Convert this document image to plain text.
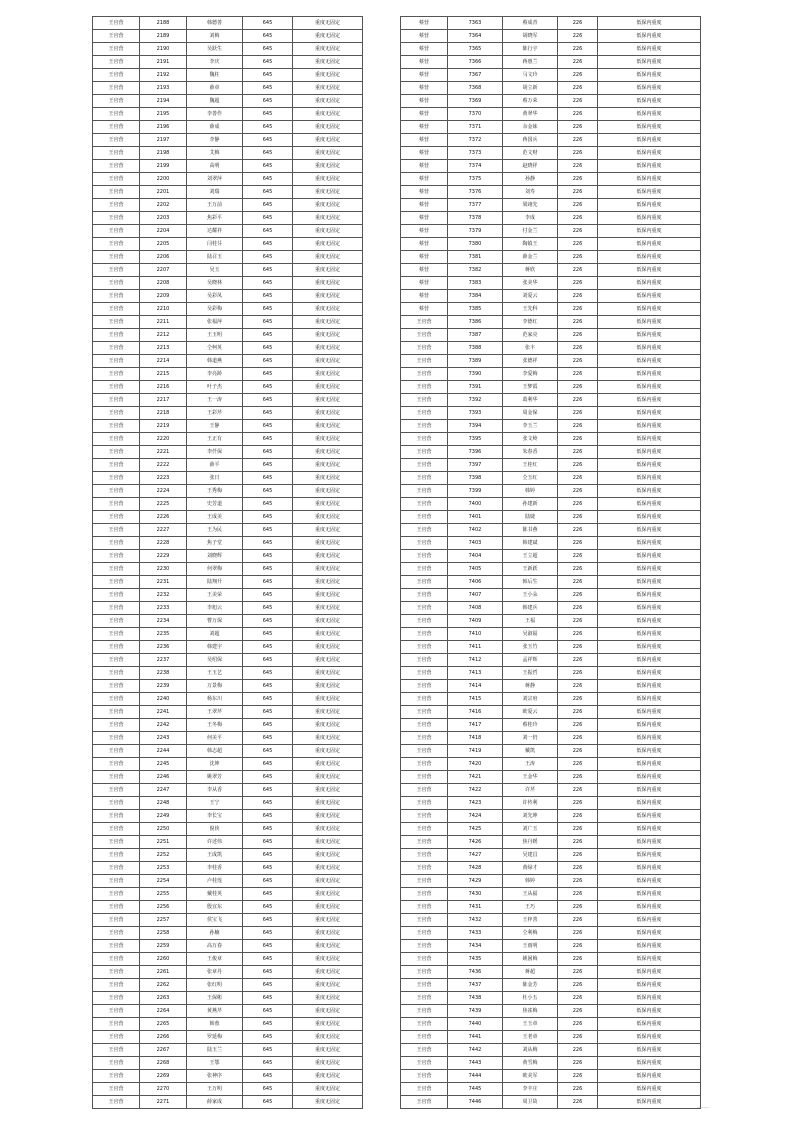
王官营	2188	韩德善	645	重度无固定
王官营	2189	刘梅	645	重度无固定
王官营	2190	吴跃生	645	重度无固定
王官营	2191	李庆	645	重度无固定
王官营	2192	魏柱	645	重度无固定
王官营	2193	薛章	645	重度无固定
王官营	2194	魏超	645	重度无固定
王官营	2195	李善作	645	重度无固定
王官营	2196	薛成	645	重度无固定
王官营	2197	李静	645	重度无固定
王官营	2198	艾梅	645	重度无固定
王官营	2199	高明	645	重度无固定
王官营	2200	刘翠萍	645	重度无固定
王官营	2201	刘瑞	645	重度无固定
王官营	2202	王万前	645	重度无固定
王官营	2203	焦彩平	645	重度无固定
王官营	2204	达耀祥	645	重度无固定
王官营	2205	闫桂芬	645	重度无固定
王官营	2206	陆召玉	645	重度无固定
王官营	2207	吴玉	645	重度无固定
王官营	2208	吴晓林	645	重度无固定
王官营	2209	吴彩凤	645	重度无固定
王官营	2210	吴彩梅	645	重度无固定
王官营	2211	张福萍	645	重度无固定
王官营	2212	王玉明	645	重度无固定
王官营	2213	仝柯英	645	重度无固定
王官营	2214	韩道燕	645	重度无固定
王官营	2215	李亮龄	645	重度无固定
王官营	2216	叶子杰	645	重度无固定
王官营	2217	王一涛	645	重度无固定
王官营	2218	王彩芹	645	重度无固定
王官营	2219	王静	645	重度无固定
王官营	2220	王正有	645	重度无固定
王官营	2221	李仟保	645	重度无固定
王官营	2222	薛平	645	重度无固定
王官营	2223	张日	645	重度无固定
王官营	2224	王秀梅	645	重度无固定
王官营	2225	史芳道	645	重度无固定
王官营	2226	王成美	645	重度无固定
王官营	2227	王为民	645	重度无固定
王官营	2228	焦子堂	645	重度无固定
王官营	2229	刘晓辉	645	重度无固定
王官营	2230	何翠梅	645	重度无固定
王官营	2231	陆翔升	645	重度无固定
王官营	2232	王美荣	645	重度无固定
王官营	2233	李旭云	645	重度无固定
王官营	2234	曹万保	645	重度无固定
王官营	2235	刘超	645	重度无固定
王官营	2236	韩建宇	645	重度无固定
王官营	2237	吴绍保	645	重度无固定
王官营	2238	王玉艺	645	重度无固定
王官营	2239	万景梅	645	重度无固定
王官营	2240	杨东川	645	重度无固定
王官营	2241	王翠芹	645	重度无固定
王官营	2242	王冬梅	645	重度无固定
王官营	2243	何美平	645	重度无固定
王官营	2244	韩志超	645	重度无固定
王官营	2245	沈坤	645	重度无固定
王官营	2246	姚翠芳	645	重度无固定
王官营	2247	李从香	645	重度无固定
王官营	2248	王宁	645	重度无固定
王官营	2249	李长宝	645	重度无固定
王官营	2250	倪侠	645	重度无固定
王官营	2251	许述伟	645	重度无固定
王官营	2252	王成凯	645	重度无固定
王官营	2253	李桂香	645	重度无固定
王官营	2254	卢桂莲	645	重度无固定
王官营	2255	戴桂英	645	重度无固定
王官营	2256	殷宜东	645	重度无固定
王官营	2257	侯宝飞	645	重度无固定
王官营	2258	孙楠	645	重度无固定
王官营	2259	高万春	645	重度无固定
王官营	2260	王俊章	645	重度无固定
王官营	2261	张章丹	645	重度无固定
王官营	2262	张红明	645	重度无固定
王官营	2263	王保彬	645	重度无固定
王官营	2264	黄燕芹	645	重度无固定
王官营	2265	韩蓉	645	重度无固定
王官营	2266	罗延梅	645	重度无固定
王官营	2267	陆玉兰	645	重度无固定
王官营	2268	王鄂	645	重度无固定
王官营	2269	张神序	645	重度无固定
王官营	2270	王万明	645	重度无固定
王官营	2271	薛家成	645	重度无固定
蔡营	7363	蔡成青	226	低保内重度
蔡营	7364	胡晓军	226	低保内重度
蔡营	7365	陈行宇	226	低保内重度
蔡营	7366	蒋惠兰	226	低保内重度
蔡营	7367	马文玲	226	低保内重度
蔡营	7368	胡立新	226	低保内重度
蔡营	7369	蔡万荣	226	低保内重度
蔡营	7370	黄翠华	226	低保内重度
蔡营	7371	余金妹	226	低保内重度
蔡营	7372	蒋国兵	226	低保内重度
蔡营	7373	范文财	226	低保内重度
蔡营	7374	赵晓祥	226	低保内重度
蔡营	7375	孙静	226	低保内重度
蔡营	7376	刘寿	226	低保内重度
蔡营	7377	梁翊先	226	低保内重度
蔡营	7378	李成	226	低保内重度
蔡营	7379	付金兰	226	低保内重度
蔡营	7380	陶镇王	226	低保内重度
蔡营	7381	薛金兰	226	低保内重度
蔡营	7382	蒋欣	226	低保内重度
蔡营	7383	张美华	226	低保内重度
蔡营	7384	刘爱云	226	低保内重度
蔡营	7385	王先科	226	低保内重度
王官营	7386	李德红	226	低保内重度
王官营	7387	范家亮	226	低保内重度
王官营	7388	张丰	226	低保内重度
王官营	7389	张德祥	226	低保内重度
王官营	7390	李爱梅	226	低保内重度
王官营	7391	王梦霞	226	低保内重度
王官营	7392	葛利华	226	低保内重度
王官营	7393	周金保	226	低保内重度
王官营	7394	李玉兰	226	低保内重度
王官营	7395	张文岭	226	低保内重度
王官营	7396	朱春香	226	低保内重度
王官营	7397	王桂红	226	低保内重度
王官营	7398	仝玉红	226	低保内重度
王官营	7399	韩婷	226	低保内重度
王官营	7400	孙建新	226	低保内重度
王官营	7401	陆婕	226	低保内重度
王官营	7402	陈书燕	226	低保内重度
王官营	7403	韩建斌	226	低保内重度
王官营	7404	王立超	226	低保内重度
王官营	7405	王新跃	226	低保内重度
王官营	7406	韩后生	226	低保内重度
王官营	7407	王小朵	226	低保内重度
王官营	7408	韩建兵	226	低保内重度
王官营	7409	王福	226	低保内重度
王官营	7410	吴淑福	226	低保内重度
王官营	7411	张玉竹	226	低保内重度
王官营	7412	孟祥辉	226	低保内重度
王官营	7413	王振哲	226	低保内重度
王官营	7414	蒋静	226	低保内重度
王官营	7415	刘宗府	226	低保内重度
王官营	7416	欧爱云	226	低保内重度
王官营	7417	蔡桂玲	226	低保内重度
王官营	7418	刘一仍	226	低保内重度
王官营	7419	戴凯	226	低保内重度
王官营	7420	王涛	226	低保内重度
王官营	7421	王金华	226	低保内重度
王官营	7422	许芹	226	低保内重度
王官营	7423	许传利	226	低保内重度
王官营	7424	刘先坤	226	低保内重度
王官营	7425	刘广玉	226	低保内重度
王官营	7426	焦丹媛	226	低保内重度
王官营	7427	吴建昌	226	低保内重度
王官营	7428	黄绿才	226	低保内重度
王官营	7429	韩婷	226	低保内重度
王官营	7430	王从福	226	低保内重度
王官营	7431	王巧	226	低保内重度
王官营	7432	王梓善	226	低保内重度
王官营	7433	仝利梅	226	低保内重度
王官营	7434	王雨明	226	低保内重度
王官营	7435	姚囡梅	226	低保内重度
王官营	7436	蒋超	226	低保内重度
王官营	7437	陈金芳	226	低保内重度
王官营	7438	杜小五	226	低保内重度
王官营	7439	焦雀梅	226	低保内重度
王官营	7440	王玉章	226	低保内重度
王官营	7441	王老章	226	低保内重度
王官营	7442	刘从梅	226	低保内重度
王官营	7443	黄雪梅	226	低保内重度
王官营	7444	欧美军	226	低保内重度
王官营	7445	李丰庄	226	低保内重度
王官营	7446	周卫故	226	低保内重度
……
